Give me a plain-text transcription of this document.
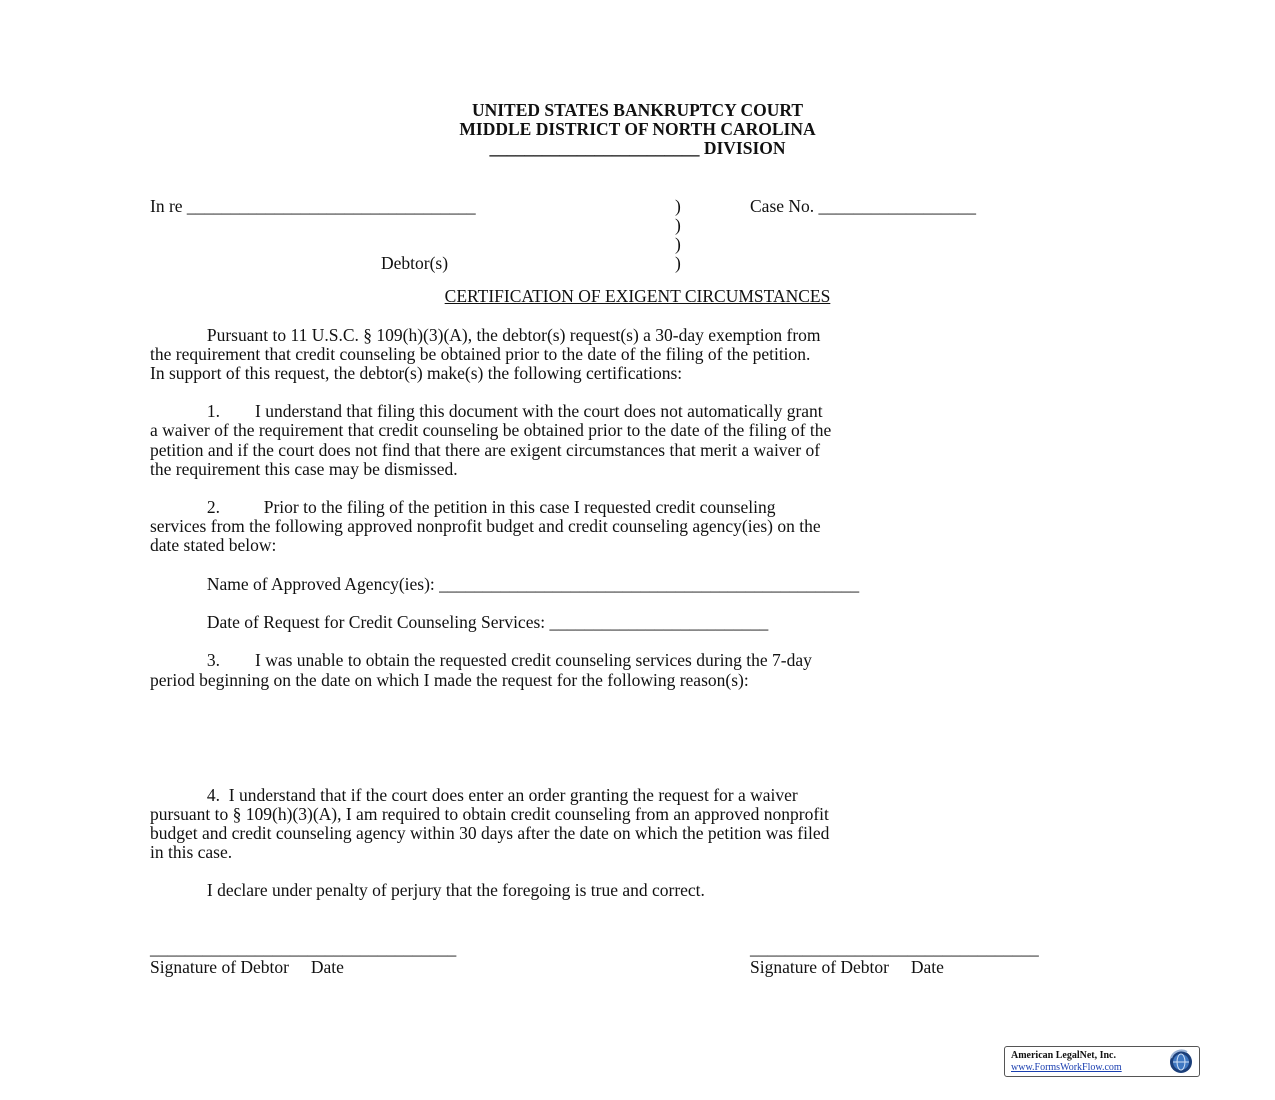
UNITED STATES BANKRUPTCY COURT
MIDDLE DISTRICT OF NORTH CAROLINA
________________________ DIVISION
In re _________________________________	)
)
)
)
Case No. __________________
Debtor(s)
CERTIFICATION OF EXIGENT CIRCUMSTANCES
Pursuant to 11 U.S.C. § 109(h)(3)(A), the debtor(s) request(s) a 30-day exemption from
the requirement that credit counseling be obtained prior to the date of the filing of the petition.
In support of this request, the debtor(s) make(s) the following certifications:
1.        I understand that filing this document with the court does not automatically grant
a waiver of the requirement that credit counseling be obtained prior to the date of the filing of the
petition and if the court does not find that there are exigent circumstances that merit a waiver of
the requirement this case may be dismissed.
2.          Prior to the filing of the petition in this case I requested credit counseling
services from the following approved nonprofit budget and credit counseling agency(ies) on the
date stated below:
Name of Approved Agency(ies): ________________________________________________
Date of Request for Credit Counseling Services: _________________________
3.        I was unable to obtain the requested credit counseling services during the 7-day
period beginning on the date on which I made the request for the following reason(s):
4.  I understand that if the court does enter an order granting the request for a waiver
pursuant to § 109(h)(3)(A), I am required to obtain credit counseling from an approved nonprofit
budget and credit counseling agency within 30 days after the date on which the petition was filed
in this case.
I declare under penalty of perjury that the foregoing is true and correct.
___________________________________	_________________________________
Signature of Debtor     Date	Signature of Debtor     Date
American LegalNet, Inc.
www.FormsWorkFlow.com
